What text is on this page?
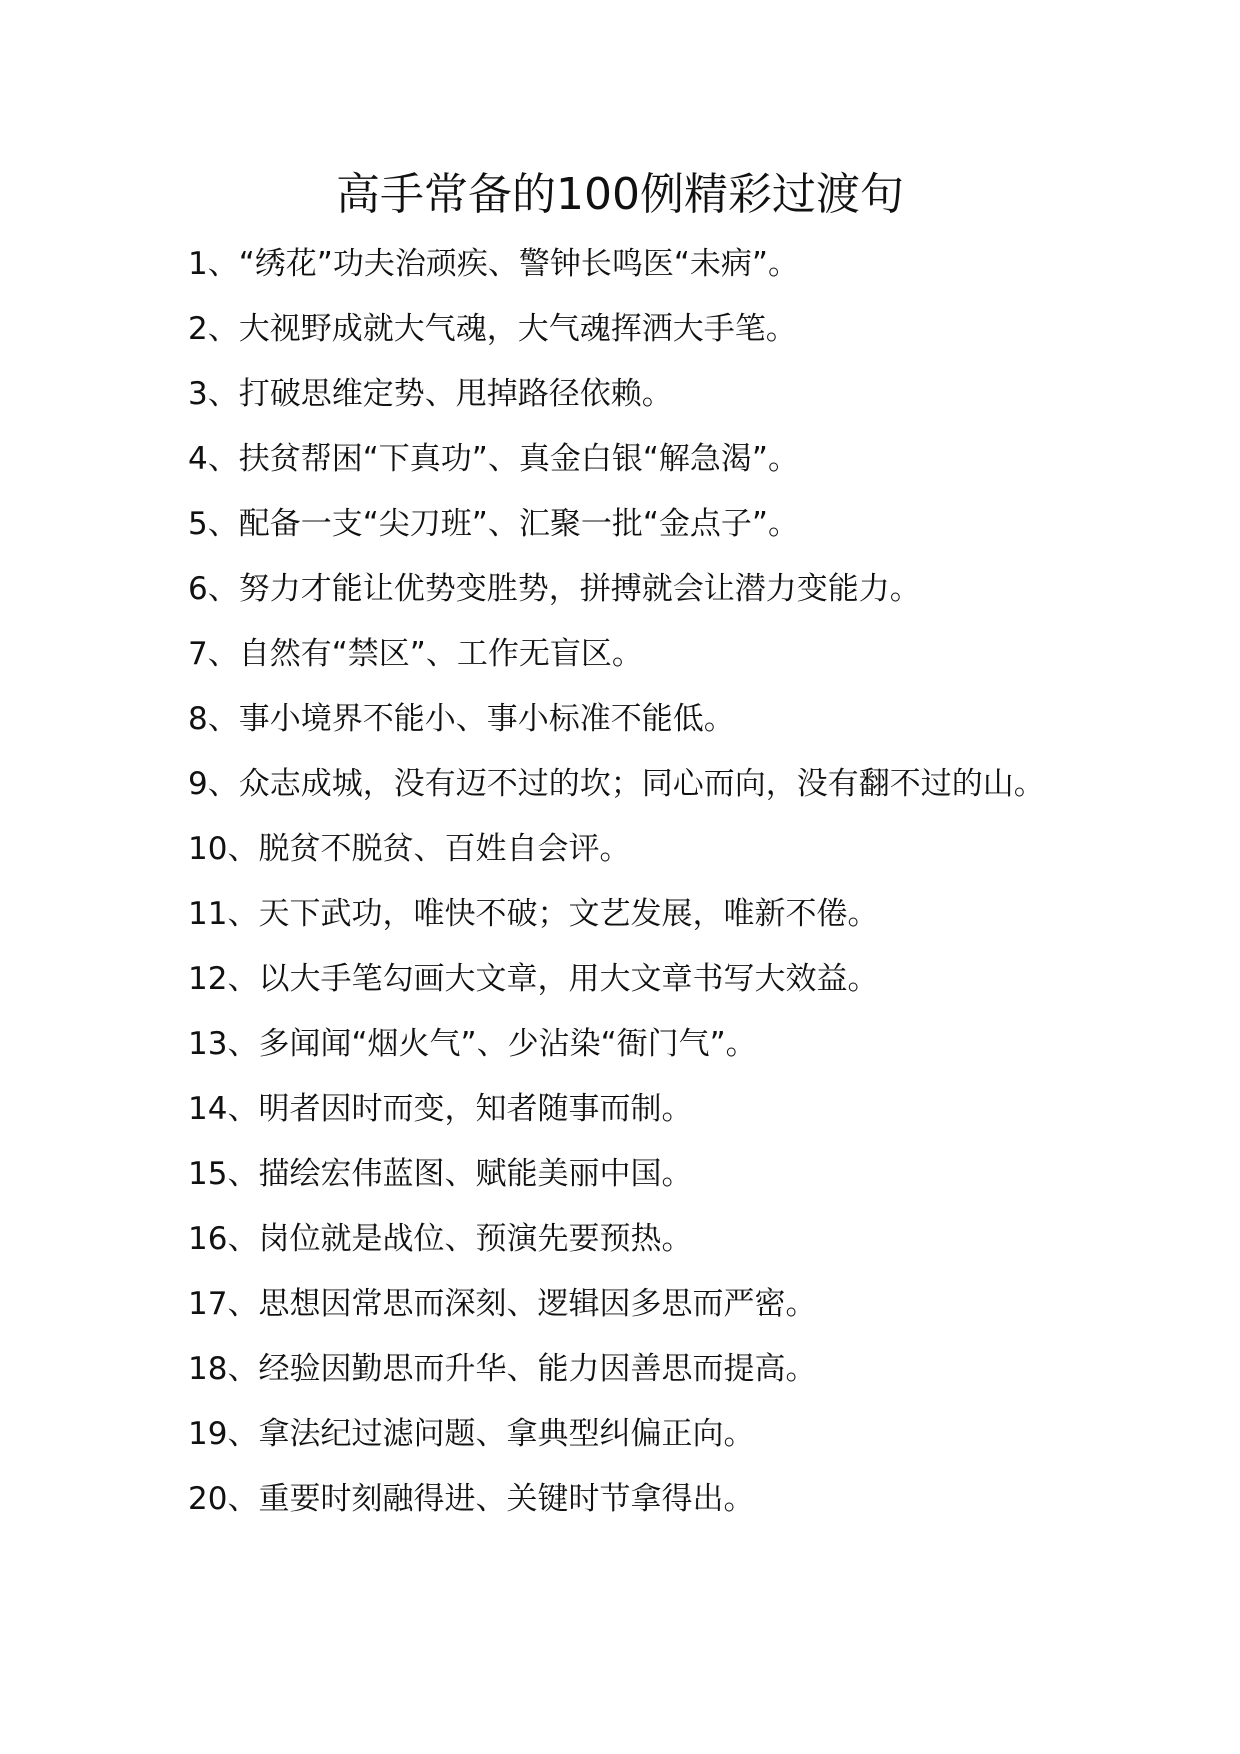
高手常备的100例精彩过渡句
1、“绣花”功夫治顽疾、警钟长鸣医“未病”。
2、大视野成就大气魂，大气魂挥洒大手笔。
3、打破思维定势、甩掉路径依赖。
4、扶贫帮困“下真功”、真金白银“解急渴”。
5、配备一支“尖刀班”、汇聚一批“金点子”。
6、努力才能让优势变胜势，拼搏就会让潜力变能力。
7、自然有“禁区”、工作无盲区。
8、事小境界不能小、事小标准不能低。
9、众志成城，没有迈不过的坎；同心而向，没有翻不过的山。
10、脱贫不脱贫、百姓自会评。
11、天下武功，唯快不破；文艺发展，唯新不倦。
12、以大手笔勾画大文章，用大文章书写大效益。
13、多闻闻“烟火气”、少沾染“衙门气”。
14、明者因时而变，知者随事而制。
15、描绘宏伟蓝图、赋能美丽中国。
16、岗位就是战位、预演先要预热。
17、思想因常思而深刻、逻辑因多思而严密。
18、经验因勤思而升华、能力因善思而提高。
19、拿法纪过滤问题、拿典型纠偏正向。
20、重要时刻融得进、关键时节拿得出。
